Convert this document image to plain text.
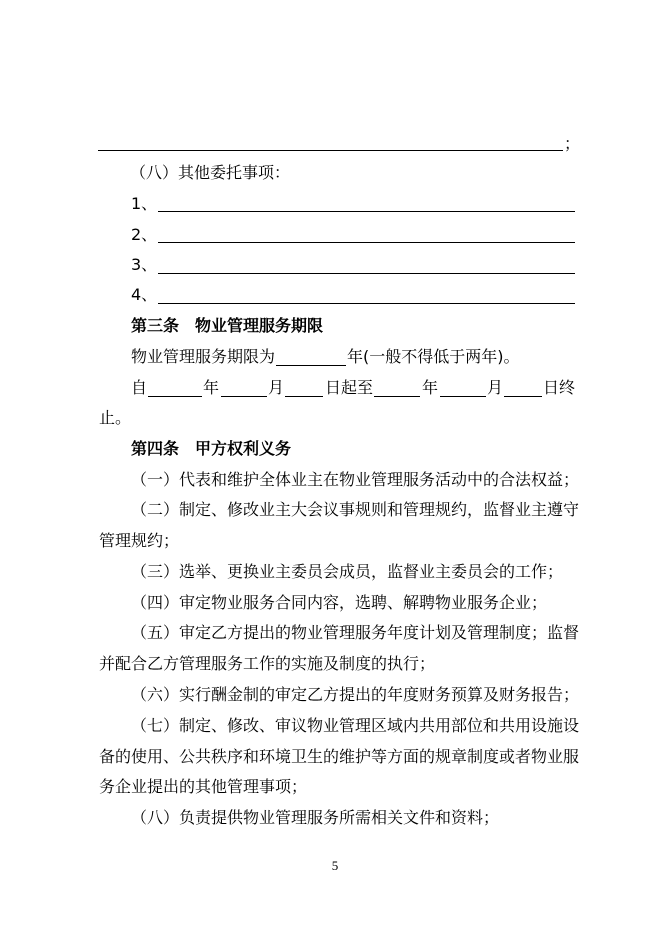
；
（八）其他委托事项：
1、
2、
3、
4、
第三条　物业管理服务期限
物业管理服务期限为	年(一般不得低于两年)。
自	年	月	日起至	年	月 日终
止。
第四条　甲方权利义务
（一）代表和维护全体业主在物业管理服务活动中的合法权益；
（二）制定、修改业主大会议事规则和管理规约，监督业主遵守
管理规约；
（三）选举、更换业主委员会成员，监督业主委员会的工作；
（四）审定物业服务合同内容，选聘、解聘物业服务企业；
（五）审定乙方提出的物业管理服务年度计划及管理制度；监督
并配合乙方管理服务工作的实施及制度的执行；
（六）实行酬金制的审定乙方提出的年度财务预算及财务报告；
（七）制定、修改、审议物业管理区域内共用部位和共用设施设
备的使用、公共秩序和环境卫生的维护等方面的规章制度或者物业服
务企业提出的其他管理事项；
（八）负责提供物业管理服务所需相关文件和资料；
5
